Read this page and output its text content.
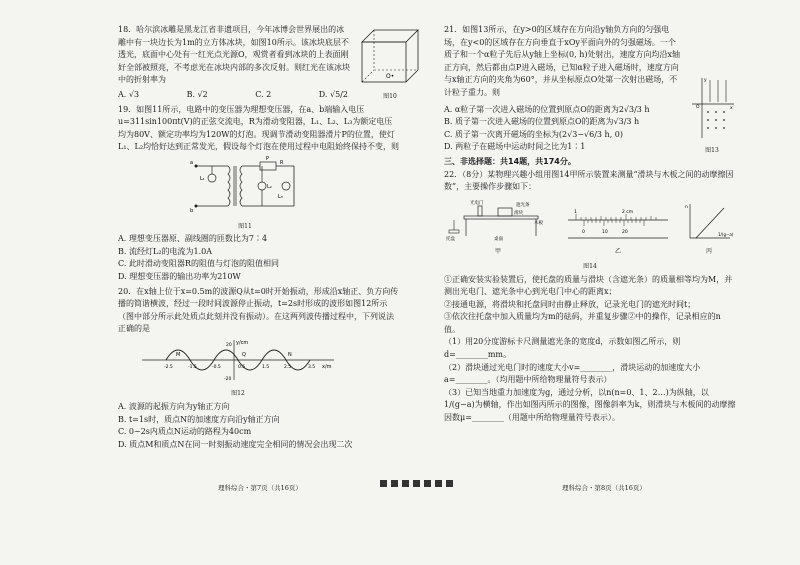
18．哈尔滨冰雕是黑龙江省非遗项目，今年冰博会世界展出的冰雕中有一块边长为1m的立方体冰块，如图10所示。该冰块底层不透光，底面中心处有一红光点光源O，观赏者看到冰块的上表面刚好全部被照亮，不考虑光在冰块内部的多次反射。则红光在该冰块中的折射率为

A. √3	B. √2	C. 2	D. √5/2
O•
图10

19．如图11所示，电路中的变压器为理想变压器，在a、b端输入电压u=311sin100πt(V)的正弦交流电，R为滑动变阻器，L₁、L₂、L₃为额定电压均为80V、额定功率均为120W的灯泡。现调节滑动变阻器滑片P的位置，使灯L₁、L₂均恰好达到正常发光，假设每个灯泡在使用过程中电阻始终保持不变，则

a
b
L₁
R
P
L₂
L₃
图11
A. 理想变压器原、副线圈的匝数比为7∶4
B. 流经灯L₂的电流为1.0A
C. 此时滑动变阻器R的阻值与灯泡的阻值相同
D. 理想变压器的输出功率为210W

20．在x轴上位于x=0.5m的波源Q从t=0时开始振动，形成沿x轴正、负方向传播的简谐横波，经过一段时间波源停止振动，t=2s时形成的波形如图12所示（图中部分所示此处质点此刻并没有振动）。在这两列波传播过程中，下列说法正确的是

y/cm
x/m
-2.5	-1.5	-0.5	0.5	1.5	2.5	3.5
20
-20
M	N
Q
图12
A. 波源的起振方向为y轴正方向
B. t=1s时，质点N的加速度方向沿y轴正方向
C. 0~2s内质点N运动的路程为40cm
D. 质点M和质点N在同一时刻振动速度完全相同的情况会出现二次
理科综合・第7页（共16页）

21．如图13所示，在y>0的区域存在方向沿y轴负方向的匀强电场，在y<0的区域存在方向垂直于xOy平面向外的匀强磁场。一个质子和一个α粒子先后从y轴上坐标(0, h)处射出，速度方向均沿x轴正方向，然后都由点P进入磁场，已知α粒子进入磁场时，速度方向与x轴正方向的夹角为60°，并从坐标原点O处第一次射出磁场，不计粒子重力。则

O	x
y
图13
A. α粒子第一次进入磁场的位置到原点O的距离为2√3/3 h
B. 质子第一次进入磁场的位置到原点O的距离为√3/3 h
C. 质子第一次离开磁场的坐标为(2√3−√6/3 h, 0)
D. 两粒子在磁场中运动时间之比为1∶1

三、非选择题：共14题，共174分。

22．（8分）某物理兴趣小组用图14甲所示装置来测量“滑块与木板之间的动摩擦因数”，主要操作步骤如下：

光电门	遮光条
滑块
木板
托盘	桌面
甲
1	2 cm
0	10	20
乙
n
1/(g−a)
丙
图14
①正确安装实验装置后，使托盘的质量与滑块（含遮光条）的质量相等均为M，并测出光电门、遮光条中心到光电门中心的距离x；
②接通电源，将滑块和托盘同时由静止释放，记录光电门的遮光时间t；
③依次往托盘中加入质量均为m的砝码，并重复步骤②中的操作，记录相应的n值。
（1）用20分度游标卡尺测量遮光条的宽度d，示数如图乙所示，则d=________mm。
（2）滑块通过光电门时的速度大小v=________，滑块运动的加速度大小a=________。（均用题中所给物理量符号表示）
（3）已知当地重力加速度为g，通过分析，以n(n=0、1、2…)为纵轴，以1/(g−a)为横轴，作出如图丙所示的图像，图像斜率为k，则滑块与木板间的动摩擦因数μ=________（用题中所给物理量符号表示）。
理科综合・第8页（共16页）
